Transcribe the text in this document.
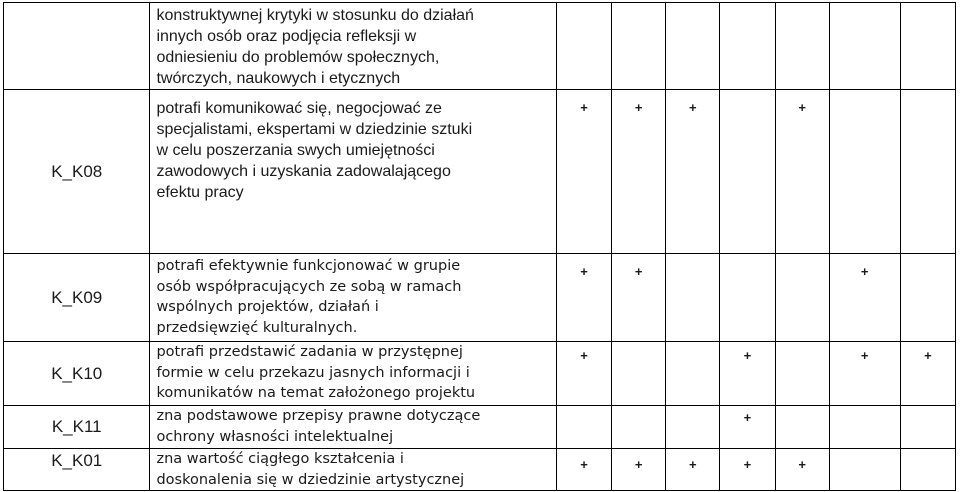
	konstruktywnej krytyki w stosunku do działań
innych osób oraz podjęcia refleksji w
odniesieniu do problemów społecznych,
twórczych, naukowych i etycznych							

K_K08	potrafi komunikować się, negocjować ze
specjalistami, ekspertami w dziedzinie sztuki
w celu poszerzania swych umiejętności
zawodowych i uzyskania zadowalającego
efektu pracy	+	+	+		+		
K_K09	potrafi efektywnie funkcjonować w grupie
osób współpracujących ze sobą w ramach
wspólnych projektów, działań i
przedsięwzięć kulturalnych.	+	+				+	
K_K10	potrafi przedstawić zadania w przystępnej
formie w celu przekazu jasnych informacji i
komunikatów na temat założonego projektu	+			+		+	+
K_K11	zna podstawowe przepisy prawne dotyczące
ochrony własności intelektualnej				+			
K_K01	zna wartość ciągłego kształcenia i
doskonalenia się w dziedzinie artystycznej	+	+	+	+	+		
